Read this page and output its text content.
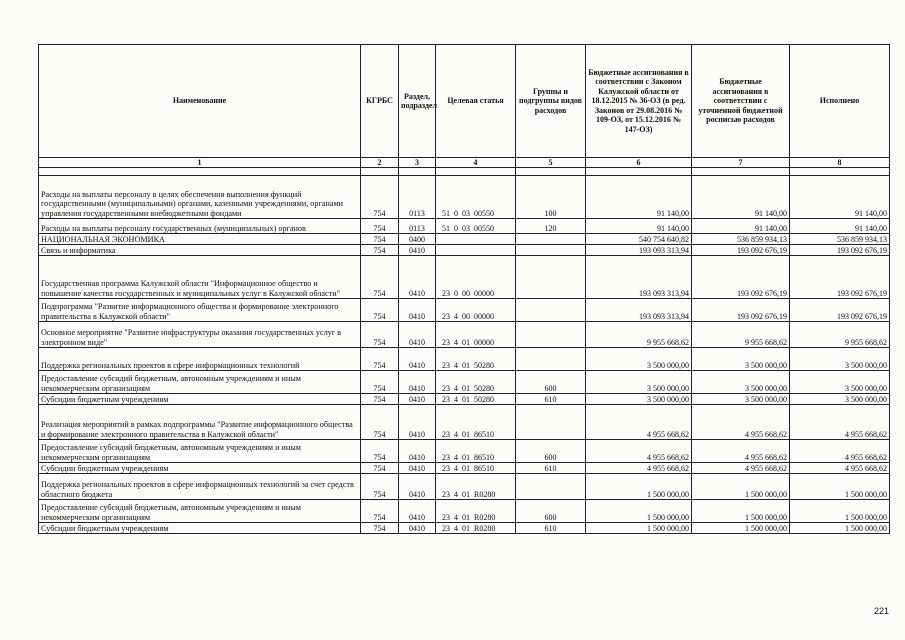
Наименование	КГРБС	Раздел, подраздел	Целевая статья	Группы и подгруппы видов расходов	Бюджетные ассигнования в соответствии с Законом Калужской области от 18.12.2015 № 36-ОЗ (в ред. Законов от 29.08.2016 № 109-ОЗ, от 15.12.2016 № 147-ОЗ)	Бюджетные ассигнования в соответствии с уточненной бюджетной росписью расходов	Исполнено
1	2	3	4	5	6	7	8

Расходы на выплаты персоналу в целях обеспечения выполнения функций государственными (муниципальными) органами, казенными учреждениями, органами управления государственными внебюджетными фондами	754	0113	51  0  03  00550	100	91 140,00	91 140,00	91 140,00
Расходы на выплаты персоналу государственных (муниципальных) органов	754	0113	51  0  03  00550	120	91 140,00	91 140,00	91 140,00
НАЦИОНАЛЬНАЯ ЭКОНОМИКА	754	0400			540 754 640,82	536 859 934,13	536 859 934,13
Связь и информатика	754	0410			193 093 313,94	193 092 676,19	193 092 676,19
Государственная программа Калужской области "Информационное общество и повышение качества государственных и муниципальных услуг в Калужской области"	754	0410	23  0  00  00000		193 093 313,94	193 092 676,19	193 092 676,19
Подпрограмма "Развитие информационного общества и формирование электронного правительства в Калужской области"	754	0410	23  4  00  00000		193 093 313,94	193 092 676,19	193 092 676,19
Основное мероприятие "Развитие инфраструктуры оказания государственных услуг в электронном виде"	754	0410	23  4  01  00000		9 955 668,62	9 955 668,62	9 955 668,62
Поддержка региональных проектов в сфере информационных технологий	754	0410	23  4  01  50280		3 500 000,00	3 500 000,00	3 500 000,00
Предоставление субсидий бюджетным, автономным учреждениям и иным некоммерческим организациям	754	0410	23  4  01  50280	600	3 500 000,00	3 500 000,00	3 500 000,00
Субсидии бюджетным учреждениям	754	0410	23  4  01  50280	610	3 500 000,00	3 500 000,00	3 500 000,00
Реализация мероприятий в рамках подпрограммы "Развитие информационного общества и формирование электронного правительства в Калужской области"	754	0410	23  4  01  86510		4 955 668,62	4 955 668,62	4 955 668,62
Предоставление субсидий бюджетным, автономным учреждениям и иным некоммерческим организациям	754	0410	23  4  01  86510	600	4 955 668,62	4 955 668,62	4 955 668,62
Субсидии бюджетным учреждениям	754	0410	23  4  01  86510	610	4 955 668,62	4 955 668,62	4 955 668,62
Поддержка региональных проектов в сфере информационных технологий за счет средств областного бюджета	754	0410	23  4  01  R0280		1 500 000,00	1 500 000,00	1 500 000,00
Предоставление субсидий бюджетным, автономным учреждениям и иным некоммерческим организациям	754	0410	23  4  01  R0280	600	1 500 000,00	1 500 000,00	1 500 000,00
Субсидии бюджетным учреждениям	754	0410	23  4  01  R0280	610	1 500 000,00	1 500 000,00	1 500 000,00
221
